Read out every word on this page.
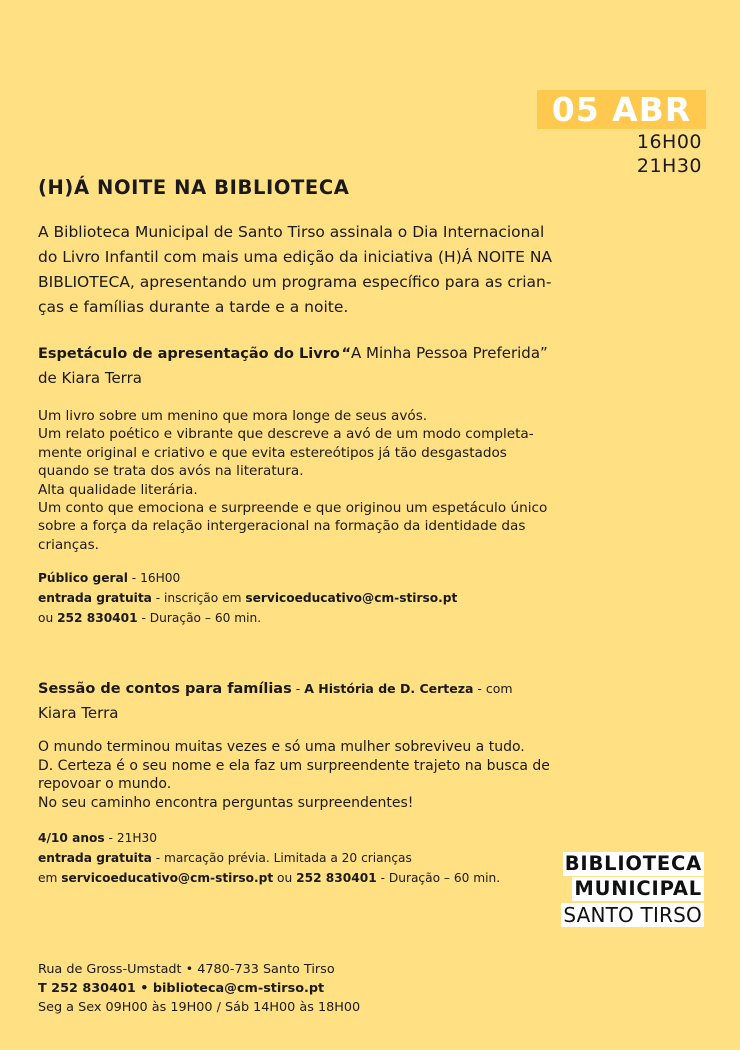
05 ABR
16H00
21H30
(H)Á NOITE NA BIBLIOTECA
A Biblioteca Municipal de Santo Tirso assinala o Dia Internacional
do Livro Infantil com mais uma edição da iniciativa (H)Á NOITE NA
BIBLIOTECA, apresentando um programa específico para as crian-
ças e famílias durante a tarde e a noite.
Espetáculo de apresentação do Livro “A Minha Pessoa Preferida”
de Kiara Terra
Um livro sobre um menino que mora longe de seus avós.
Um relato poético e vibrante que descreve a avó de um modo completa-
mente original e criativo e que evita estereótipos já tão desgastados
quando se trata dos avós na literatura.
Alta qualidade literária.
Um conto que emociona e surpreende e que originou um espetáculo único
sobre a força da relação intergeracional na formação da identidade das
crianças.
Público geral - 16H00
entrada gratuita - inscrição em servicoeducativo@cm-stirso.pt
ou 252 830401 - Duração – 60 min.
Sessão de contos para famílias - A História de D. Certeza - com
Kiara Terra
O mundo terminou muitas vezes e só uma mulher sobreviveu a tudo.
D. Certeza é o seu nome e ela faz um surpreendente trajeto na busca de
repovoar o mundo.
No seu caminho encontra perguntas surpreendentes!
4/10 anos - 21H30
entrada gratuita - marcação prévia. Limitada a 20 crianças
em servicoeducativo@cm-stirso.pt ou 252 830401 - Duração – 60 min.
BIBLIOTECA
MUNICIPAL
SANTO TIRSO
Rua de Gross-Umstadt • 4780-733 Santo Tirso
T 252 830401 • biblioteca@cm-stirso.pt
Seg a Sex 09H00 às 19H00 / Sáb 14H00 às 18H00
